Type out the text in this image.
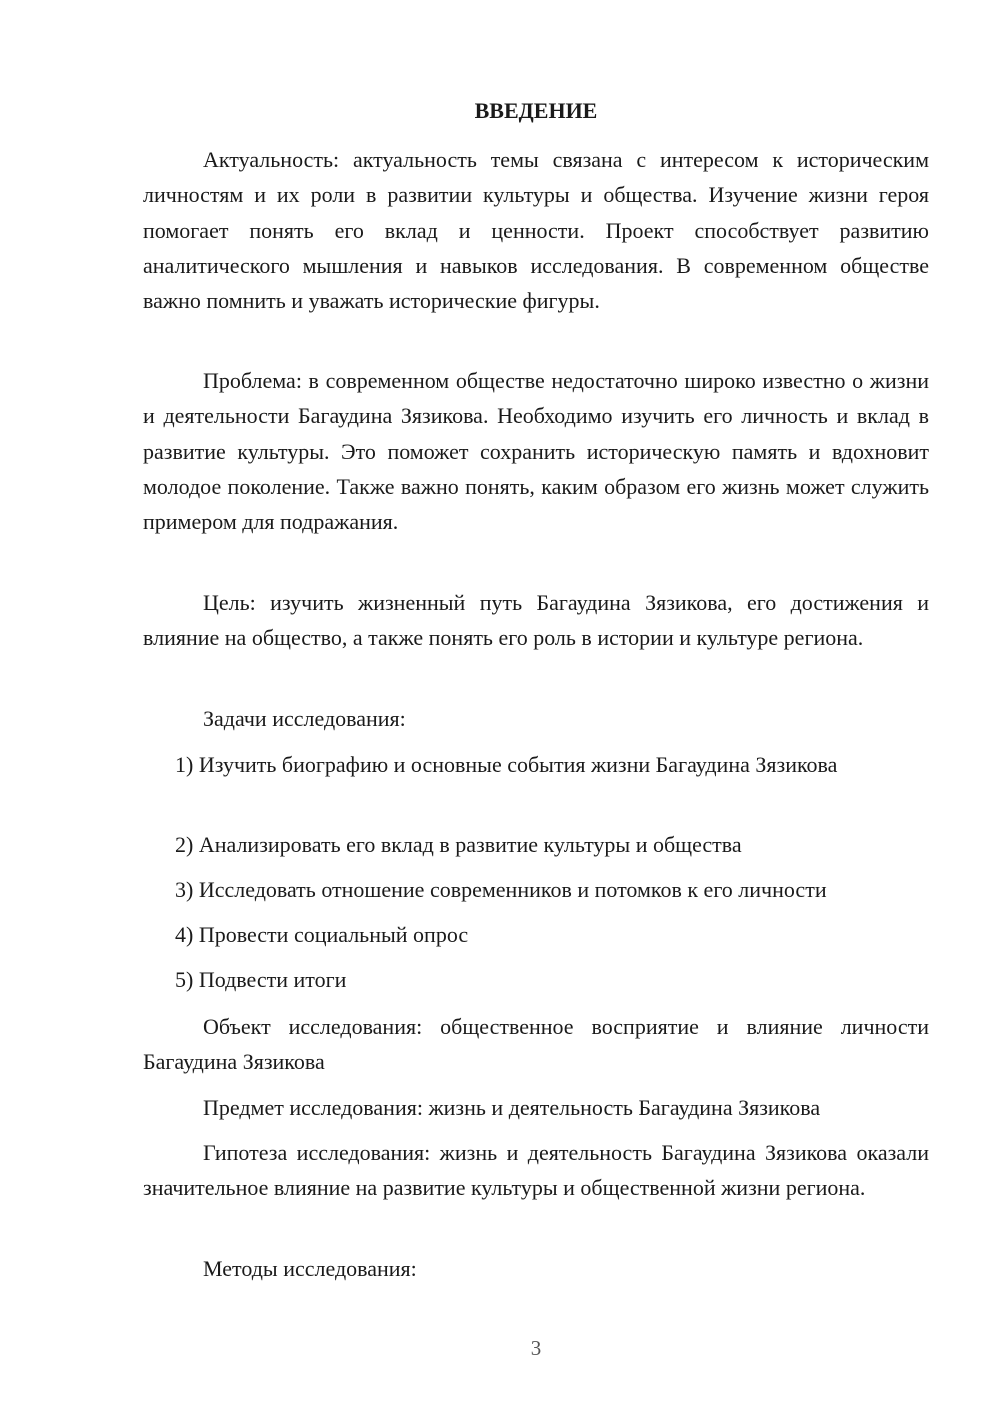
ВВЕДЕНИЕ
Актуальность: актуальность темы связана с интересом к историческим личностям и их роли в развитии культуры и общества. Изучение жизни героя помогает понять его вклад и ценности. Проект способствует развитию аналитического мышления и навыков исследования. В современном обществе важно помнить и уважать исторические фигуры.
Проблема: в современном обществе недостаточно широко известно о жизни и деятельности Багаудина Зязикова. Необходимо изучить его личность и вклад в развитие культуры. Это поможет сохранить историческую память и вдохновит молодое поколение. Также важно понять, каким образом его жизнь может служить примером для подражания.
Цель: изучить жизненный путь Багаудина Зязикова, его достижения и влияние на общество, а также понять его роль в истории и культуре региона.
Задачи исследования:
1) Изучить биографию и основные события жизни Багаудина Зязикова
2) Анализировать его вклад в развитие культуры и общества
3) Исследовать отношение современников и потомков к его личности
4) Провести социальный опрос
5) Подвести итоги
Объект исследования: общественное восприятие и влияние личности Багаудина Зязикова
Предмет исследования: жизнь и деятельность Багаудина Зязикова
Гипотеза исследования: жизнь и деятельность Багаудина Зязикова оказали значительное влияние на развитие культуры и общественной жизни региона.
Методы исследования:
3
